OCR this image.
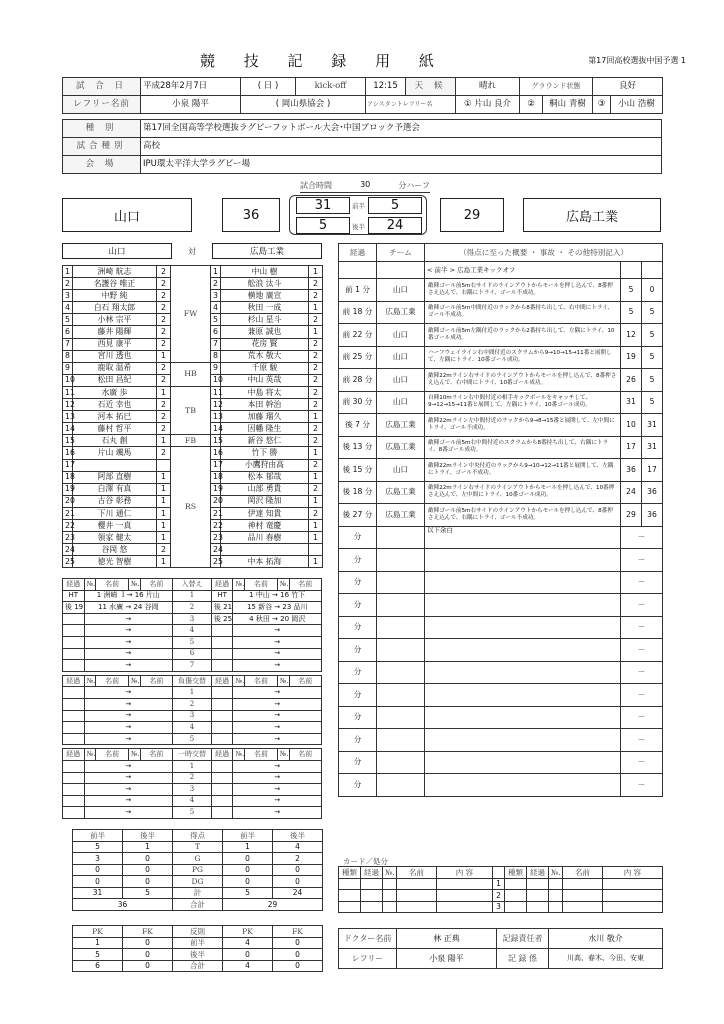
競 技 記 録 用 紙	第17回高校選抜中国予選 1
試 合 日	平成28年2月7日	( 日 )	kick-off	12:15	天 候	晴れ	グラウンド状態		良好	
レフリー名前	小泉 陽平	( 岡山県協会 )		アシスタントレフリー名		① 片山 良介	②	桐山 青樹	③	小山 浩樹
種 別	第17回全国高等学校選抜ラグビーフットボール大会･中国ブロック予選会
試合種別	高校
会 場	IPU環太平洋大学ラグビー場
試合時間	30	分ハーフ
山口	36
31	前半	5
5	後半	24
29	広島工業
山口	対	広島工業
1	洲崎 航志	2	FW	1	中山 樹	1
2	名護谷 唯正	2		2	舩浪 汰斗	2
3	中野 純	2		3	横地 廣宣	2
4	白石 翔太郎	2		4	秋田 一成	1
5	小林 宗平	2		5	杉山 星斗	2
6	藤井 陽輝	2		6	兼原 誠也	1
7	西見 康平	2		7	花房 賢	2
8	宮川 透也	1		8	荒木 敬大	2
9	鹿取 温希	2	HB	9	千原 駿	2
10	松田 昌紀	2		10	中山 英哉	2
11	水廣 歩	1	TB	11	中島 将太	2
12	石近 幸也	2		12	本田 幹治	2
13	河本 拓巳	2		13	加藤 瑠久	1
14	藤村 哲平	2		14	因幡 隆生	2
15	石丸 創	1	FB	15	新谷 悠仁	2
16	片山 颯馬	2	RS	16	竹下 勝	1
17				17	小鷹狩由高	2
18	阿部 直樹	1		18	松本 郁哉	1
19	白澤 有真	1		19	山部 勇貴	2
20	古谷 彰務	1		20	岡沢 隆加	1
21	下川 通仁	1		21	伊達 知貴	2
22	櫻井 一真	1		22	神村 竜慶	1
23	領家 健太	1		23	品川 春樹	1
24	谷岡 悠	2		24		
25	徳光 智樹	1		25	中本 拓海	1
経過	№.	名前	№.	名前	入替え	経過	№.	名前	№.	名前
HT	1 洲崎 ｌ→ 16 片山				1	HT	1 中山 → 16 竹下			
後 19	11 水廣 → 24 谷岡				2	後 21	15 新谷 → 23 品川			
	→				3	後 25	4 秋田 → 20 岡沢			
	→				4		→			
	→				5		→			
	→				6		→			
	→				7		→			
経過	№.	名前	№.	名前	負傷交替	経過	№.	名前	№.	名前
	→				1		→			
	→				2		→			
	→				3		→			
	→				4		→			
	→				5		→			
経過	№.	名前	№.	名前	一時交替	経過	№.	名前	№.	名前
	→				1		→			
	→				2		→			
	→				3		→			
	→				4		→			
	→				5		→			
経過	チーム	（得点に至った概要 ・ 事故 ・ その他特別記入）		
		< 前半 > 広島工業キックオフ		
前 1 分	山口	敵陣ゴール前5m右サイドのラインアウトからモールを押し込んで、8番押さえ込んで、右隅にトライ、ゴール不成功。	5	0
前 18 分	広島工業	敵陣ゴール前5m中間付近のラックから8番持ち出して、右中間にトライ、ゴール不成功。	5	5
前 22 分	山口	敵陣ゴール前5m左隅付近のラックから2番持ち出して、左隅にトライ、10番ゴール成功。	12	5
前 25 分	山口	ハーフウェイライン右中間付近のスクラムから9→10→15→11番と展開して、左隅にトライ、10番ゴール成功。	19	5
前 28 分	山口	敵陣22mライン右サイドのラインアウトからモールを押し込んで、8番押さえ込んで、右中間にトライ、10番ゴール成功。	26	5
前 30 分	山口	自陣10mライン右中間付近の相手キックボールをキャッチして、9→12→15→11番と展開して、左隅にトライ、10番ゴール成功。	31	5
後 7 分	広島工業	敵陣22mライン左中間付近のラックから9→8→15番と展開して、左中間にトライ、ゴール不成功。	10	31
後 13 分	広島工業	敵陣ゴール前5m右中間付近のスクラムから8番持ち出して、右隅にトライ、8番ゴール成功。	17	31
後 15 分	山口	敵陣22mライン中央付近のラックから9→10→12→11番と展開して、左隅にトライ、ゴール不成功。	36	17
後 18 分	広島工業	敵陣22mライン右サイドのラインアウトからモールを押し込んで、10番押さえ込んで、左中間にトライ、10番ゴール成功。	24	36
後 27 分	広島工業	敵陣ゴール前5m右サイドのラインアウトからモールを押し込んで、8番押さえ込んで、右隅にトライ、ゴール不成功。	29	36
分		以下余白	－	
分			－	
分			－	
分			－	
分			－	
分			－	
分			－	
分			－	
分			－	
分			－	
分			－	
分			－	
前半	後半	得点	前半	後半
5	1	T	1	4
3	0	G	0	2
0	0	PG	0	0
0	0	DG	0	0
31	5	計	5	24
36		合計	29	
PK	FK	反則	PK	FK
1	0	前半	4	0
5	0	後半	0	0
6	0	合計	4	0
カード／処分
種類	経過	№.	名前	内 容		種類	経過	№.	名前	内 容
					1					
					2					
					3					
ドクター名前	林 正典	記録責任者	水川 敬介
レフリー	小泉 陽平	記 録 係	川高、春木、今田、安東
